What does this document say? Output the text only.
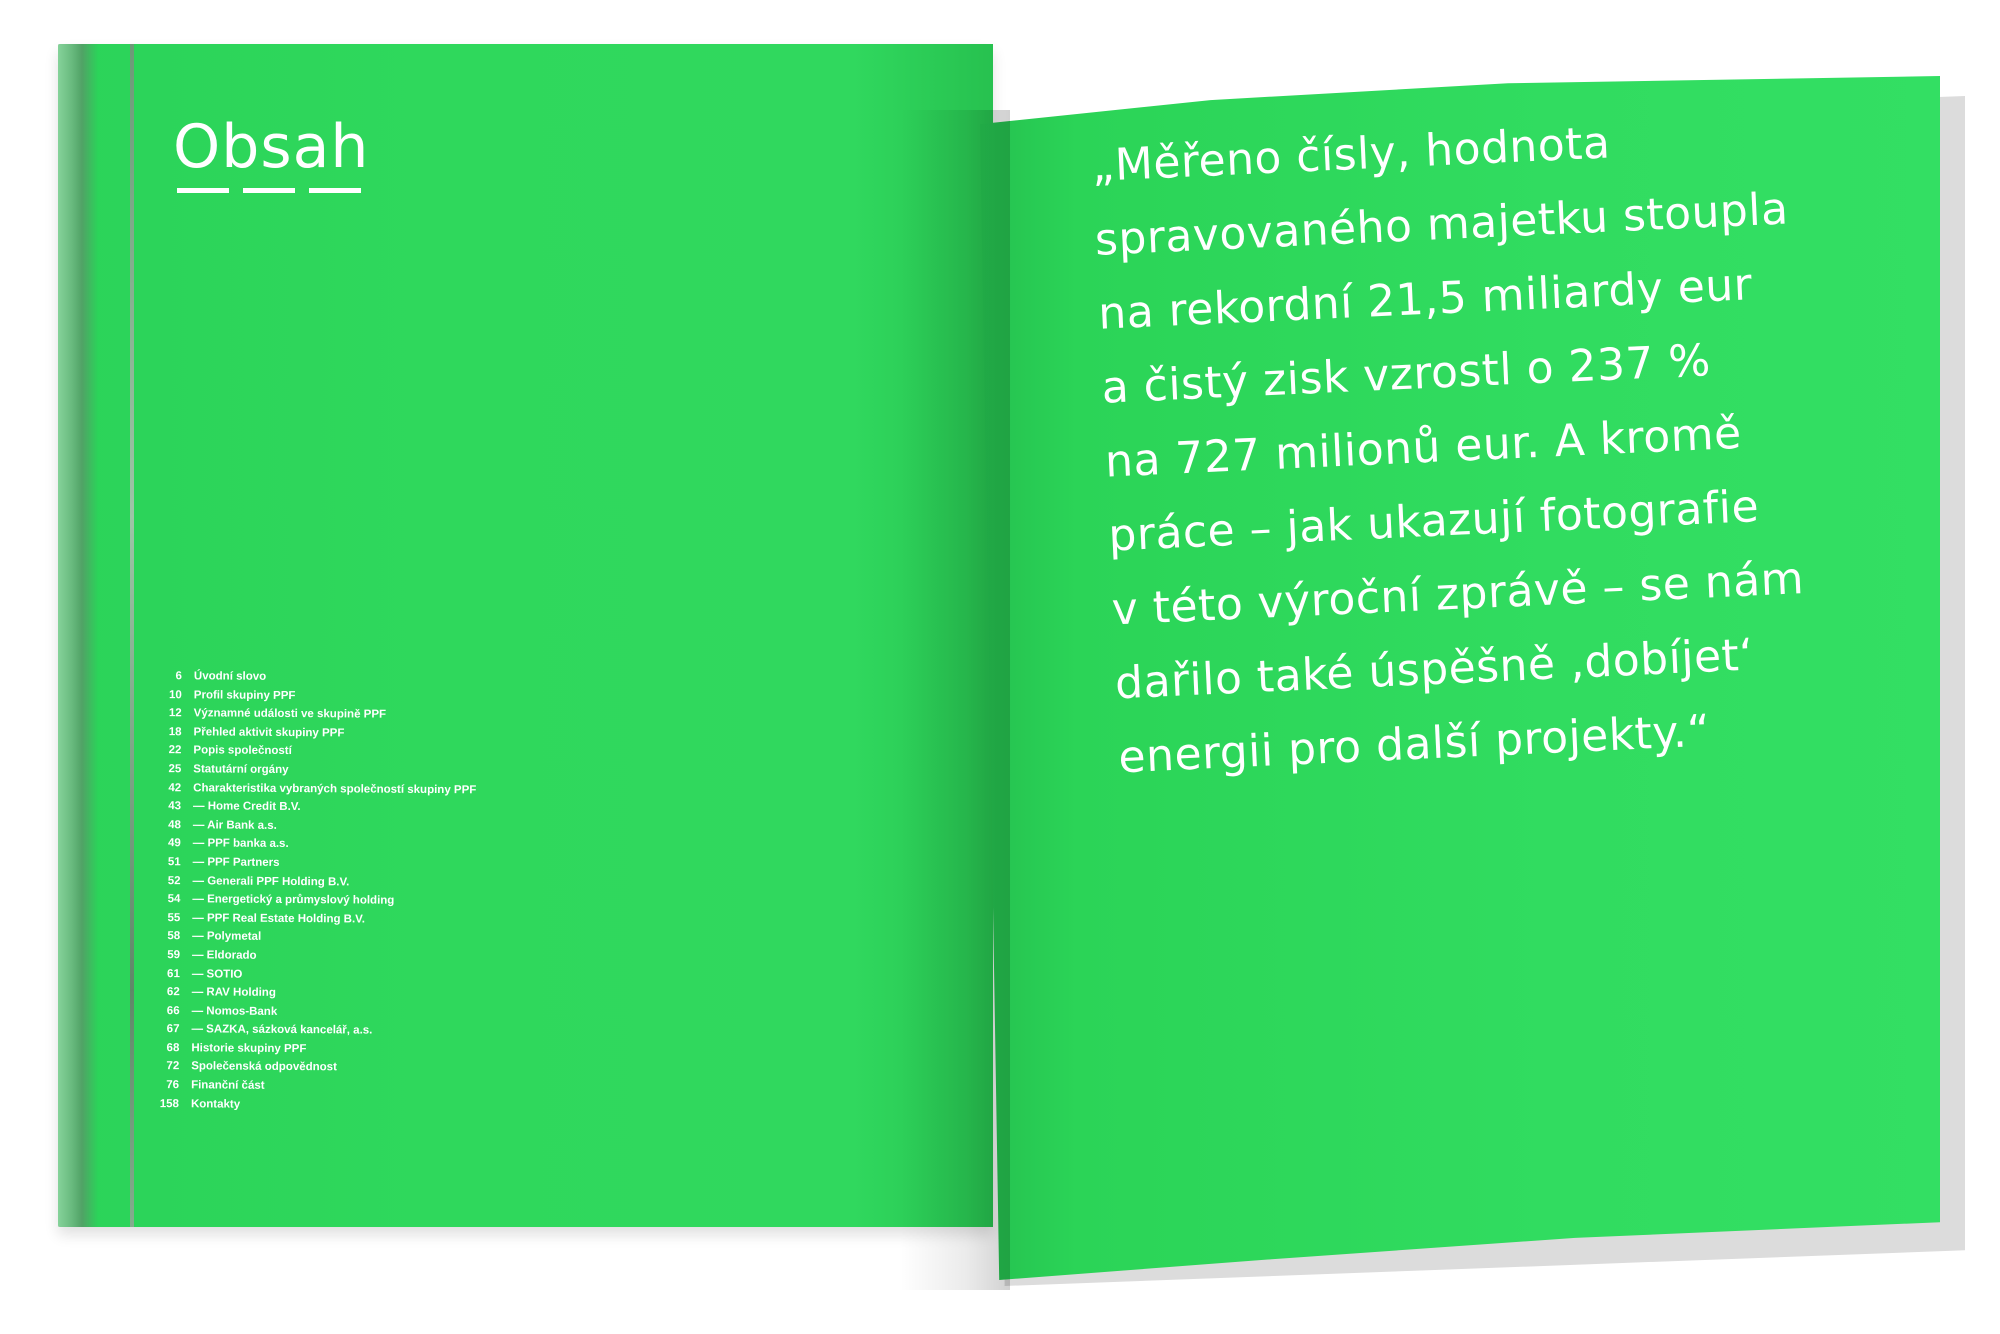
Obsah
6	Úvodní slovo
10	Profil skupiny PPF
12	Významné události ve skupině PPF
18	Přehled aktivit skupiny PPF
22	Popis společností
25	Statutární orgány
42	Charakteristika vybraných společností skupiny PPF
43	— Home Credit B.V.
48	— Air Bank a.s.
49	— PPF banka a.s.
51	— PPF Partners
52	— Generali PPF Holding B.V.
54	— Energetický a průmyslový holding
55	— PPF Real Estate Holding B.V.
58	— Polymetal
59	— Eldorado
61	— SOTIO
62	— RAV Holding
66	— Nomos-Bank
67	— SAZKA, sázková kancelář, a.s.
68	Historie skupiny PPF
72	Společenská odpovědnost
76	Finanční část
158	Kontakty
„Měřeno čísly, hodnota
spravovaného majetku stoupla
na rekordní 21,5 miliardy eur
a čistý zisk vzrostl o 237 %
na 727 milionů eur. A kromě
práce – jak ukazují fotografie
v této výroční zprávě – se nám
dařilo také úspěšně ‚dobíjet‘
energii pro další projekty.“
